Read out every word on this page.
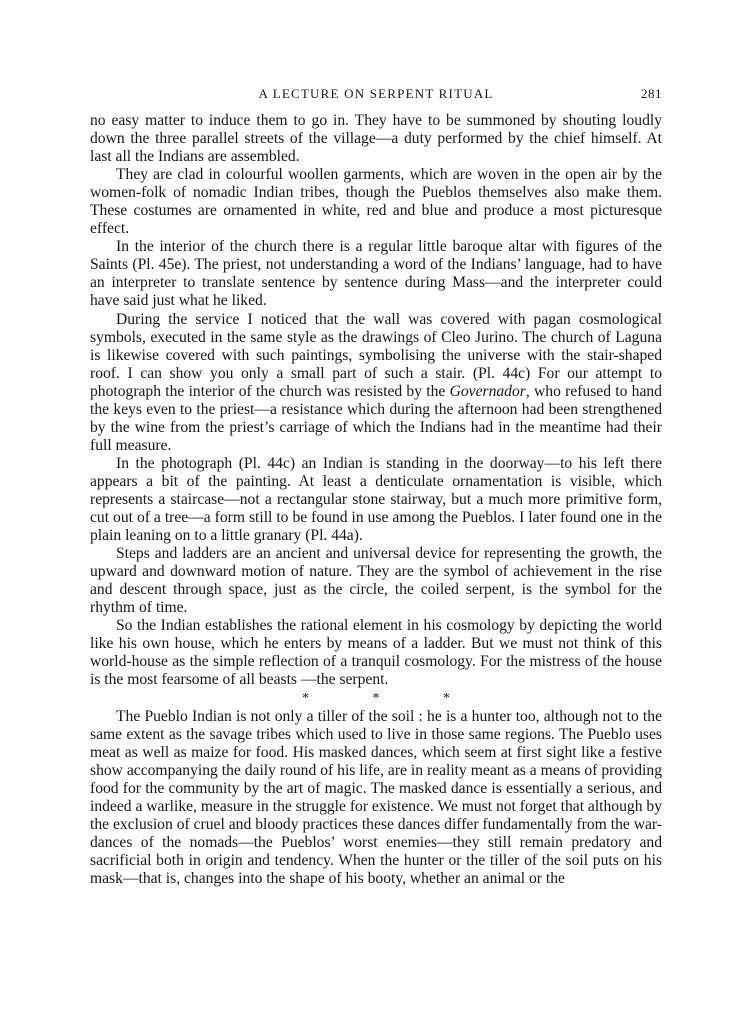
A LECTURE ON SERPENT RITUAL	281

no easy matter to induce them to go in. They have to be summoned by shouting loudly down the three parallel streets of the village—a duty performed by the chief himself. At last all the Indians are assembled.

They are clad in colourful woollen garments, which are woven in the open air by the women-folk of nomadic Indian tribes, though the Pueblos themselves also make them. These costumes are ornamented in white, red and blue and produce a most picturesque effect.

In the interior of the church there is a regular little baroque altar with figures of the Saints (Pl. 45e). The priest, not understanding a word of the Indians’ language, had to have an interpreter to translate sentence by sentence during Mass—and the interpreter could have said just what he liked.

During the service I noticed that the wall was covered with pagan cosmological symbols, executed in the same style as the drawings of Cleo Jurino. The church of Laguna is likewise covered with such paintings, symbolising the universe with the stair-shaped roof. I can show you only a small part of such a stair. (Pl. 44c) For our attempt to photograph the interior of the church was resisted by the Governador, who refused to hand the keys even to the priest—a resistance which during the afternoon had been strengthened by the wine from the priest’s carriage of which the Indians had in the meantime had their full measure.

In the photograph (Pl. 44c) an Indian is standing in the doorway—to his left there appears a bit of the painting. At least a denticulate ornamentation is visible, which represents a staircase—not a rectangular stone stairway, but a much more primitive form, cut out of a tree—a form still to be found in use among the Pueblos. I later found one in the plain leaning on to a little granary (Pl. 44a).

Steps and ladders are an ancient and universal device for representing the growth, the upward and downward motion of nature. They are the symbol of achievement in the rise and descent through space, just as the circle, the coiled serpent, is the symbol for the rhythm of time.

So the Indian establishes the rational element in his cosmology by depicting the world like his own house, which he enters by means of a ladder. But we must not think of this world-house as the simple reflection of a tranquil cosmology. For the mistress of the house is the most fearsome of all beasts —the serpent.

* * *

The Pueblo Indian is not only a tiller of the soil : he is a hunter too, although not to the same extent as the savage tribes which used to live in those same regions. The Pueblo uses meat as well as maize for food. His masked dances, which seem at first sight like a festive show accompanying the daily round of his life, are in reality meant as a means of providing food for the community by the art of magic. The masked dance is essentially a serious, and indeed a warlike, measure in the struggle for existence. We must not forget that although by the exclusion of cruel and bloody practices these dances differ fundamentally from the war-dances of the nomads—the Pueblos’ worst enemies—they still remain predatory and sacrificial both in origin and tendency. When the hunter or the tiller of the soil puts on his mask—that is, changes into the shape of his booty, whether an animal or the
